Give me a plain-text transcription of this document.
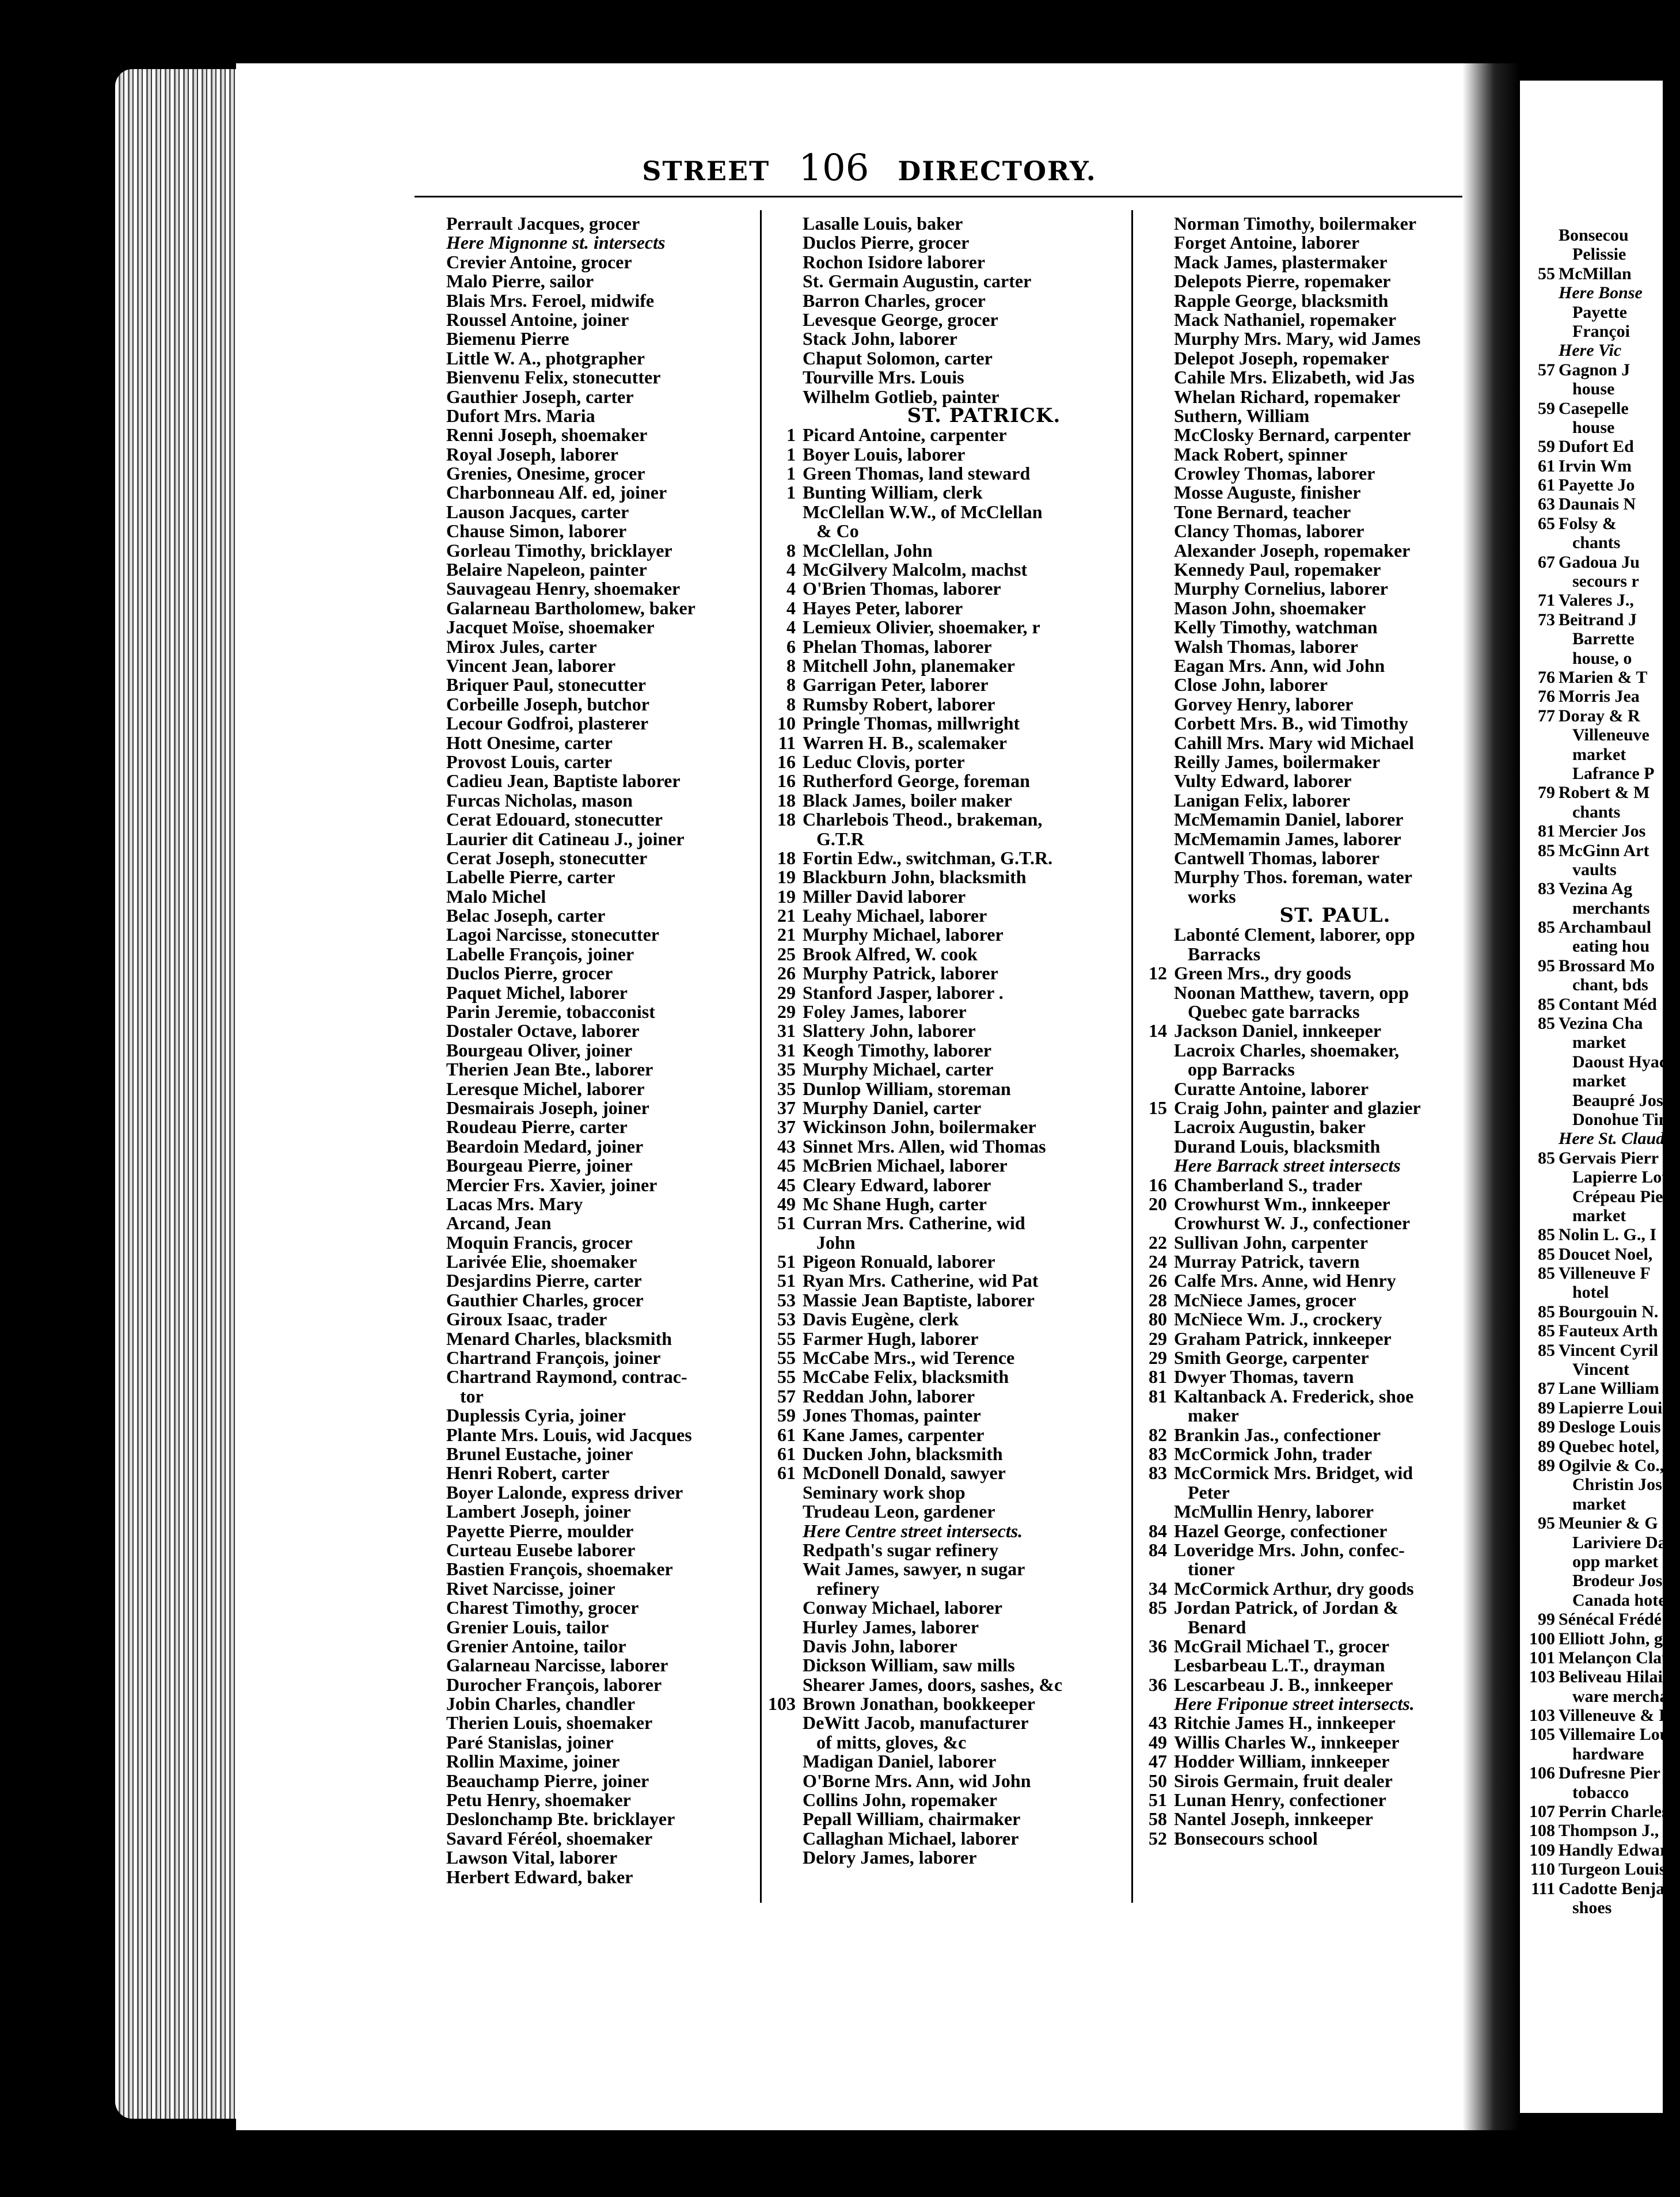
STREET 106 DIRECTORY.
Perrault Jacques, grocer
Here Mignonne st. intersects
Crevier Antoine, grocer
Malo Pierre, sailor
Blais Mrs. Feroel, midwife
Roussel Antoine, joiner
Biemenu Pierre
Little W. A., photgrapher
Bienvenu Felix, stonecutter
Gauthier Joseph, carter
Dufort Mrs. Maria
Renni Joseph, shoemaker
Royal Joseph, laborer
Grenies, Onesime, grocer
Charbonneau Alf. ed, joiner
Lauson Jacques, carter
Chause Simon, laborer
Gorleau Timothy, bricklayer
Belaire Napeleon, painter
Sauvageau Henry, shoemaker
Galarneau Bartholomew, baker
Jacquet Moïse, shoemaker
Mirox Jules, carter
Vincent Jean, laborer
Briquer Paul, stonecutter
Corbeille Joseph, butchor
Lecour Godfroi, plasterer
Hott Onesime, carter
Provost Louis, carter
Cadieu Jean, Baptiste laborer
Furcas Nicholas, mason
Cerat Edouard, stonecutter
Laurier dit Catineau J., joiner
Cerat Joseph, stonecutter
Labelle Pierre, carter
Malo Michel
Belac Joseph, carter
Lagoi Narcisse, stonecutter
Labelle François, joiner
Duclos Pierre, grocer
Paquet Michel, laborer
Parin Jeremie, tobacconist
Dostaler Octave, laborer
Bourgeau Oliver, joiner
Therien Jean Bte., laborer
Leresque Michel, laborer
Desmairais Joseph, joiner
Roudeau Pierre, carter
Beardoin Medard, joiner
Bourgeau Pierre, joiner
Mercier Frs. Xavier, joiner
Lacas Mrs. Mary
Arcand, Jean
Moquin Francis, grocer
Larivée Elie, shoemaker
Desjardins Pierre, carter
Gauthier Charles, grocer
Giroux Isaac, trader
Menard Charles, blacksmith
Chartrand François, joiner
Chartrand Raymond, contrac-
tor
Duplessis Cyria, joiner
Plante Mrs. Louis, wid Jacques
Brunel Eustache, joiner
Henri Robert, carter
Boyer Lalonde, express driver
Lambert Joseph, joiner
Payette Pierre, moulder
Curteau Eusebe laborer
Bastien François, shoemaker
Rivet Narcisse, joiner
Charest Timothy, grocer
Grenier Louis, tailor
Grenier Antoine, tailor
Galarneau Narcisse, laborer
Durocher François, laborer
Jobin Charles, chandler
Therien Louis, shoemaker
Paré Stanislas, joiner
Rollin Maxime, joiner
Beauchamp Pierre, joiner
Petu Henry, shoemaker
Deslonchamp Bte. bricklayer
Savard Féréol, shoemaker
Lawson Vital, laborer
Herbert Edward, baker
Lasalle Louis, baker
Duclos Pierre, grocer
Rochon Isidore laborer
St. Germain Augustin, carter
Barron Charles, grocer
Levesque George, grocer
Stack John, laborer
Chaput Solomon, carter
Tourville Mrs. Louis
Wilhelm Gotlieb, painter
ST. PATRICK.
1 Picard Antoine, carpenter
1 Boyer Louis, laborer
1 Green Thomas, land steward
1 Bunting William, clerk
McClellan W.W., of McClellan
& Co
8 McClellan, John
4 McGilvery Malcolm, machst
4 O'Brien Thomas, laborer
4 Hayes Peter, laborer
4 Lemieux Olivier, shoemaker, r
6 Phelan Thomas, laborer
8 Mitchell John, planemaker
8 Garrigan Peter, laborer
8 Rumsby Robert, laborer
10 Pringle Thomas, millwright
11 Warren H. B., scalemaker
16 Leduc Clovis, porter
16 Rutherford George, foreman
18 Black James, boiler maker
18 Charlebois Theod., brakeman,
G.T.R
18 Fortin Edw., switchman, G.T.R.
19 Blackburn John, blacksmith
19 Miller David laborer
21 Leahy Michael, laborer
21 Murphy Michael, laborer
25 Brook Alfred, W. cook
26 Murphy Patrick, laborer
29 Stanford Jasper, laborer .
29 Foley James, laborer
31 Slattery John, laborer
31 Keogh Timothy, laborer
35 Murphy Michael, carter
35 Dunlop William, storeman
37 Murphy Daniel, carter
37 Wickinson John, boilermaker
43 Sinnet Mrs. Allen, wid Thomas
45 McBrien Michael, laborer
45 Cleary Edward, laborer
49 Mc Shane Hugh, carter
51 Curran Mrs. Catherine, wid
John
51 Pigeon Ronuald, laborer
51 Ryan Mrs. Catherine, wid Pat
53 Massie Jean Baptiste, laborer
53 Davis Eugène, clerk
55 Farmer Hugh, laborer
55 McCabe Mrs., wid Terence
55 McCabe Felix, blacksmith
57 Reddan John, laborer
59 Jones Thomas, painter
61 Kane James, carpenter
61 Ducken John, blacksmith
61 McDonell Donald, sawyer
Seminary work shop
Trudeau Leon, gardener
Here Centre street intersects.
Redpath's sugar refinery
Wait James, sawyer, n sugar
refinery
Conway Michael, laborer
Hurley James, laborer
Davis John, laborer
Dickson William, saw mills
Shearer James, doors, sashes, &c
103 Brown Jonathan, bookkeeper
DeWitt Jacob, manufacturer
of mitts, gloves, &c
Madigan Daniel, laborer
O'Borne Mrs. Ann, wid John
Collins John, ropemaker
Pepall William, chairmaker
Callaghan Michael, laborer
Delory James, laborer
Norman Timothy, boilermaker
Forget Antoine, laborer
Mack James, plastermaker
Delepots Pierre, ropemaker
Rapple George, blacksmith
Mack Nathaniel, ropemaker
Murphy Mrs. Mary, wid James
Delepot Joseph, ropemaker
Cahile Mrs. Elizabeth, wid Jas
Whelan Richard, ropemaker
Suthern, William
McClosky Bernard, carpenter
Mack Robert, spinner
Crowley Thomas, laborer
Mosse Auguste, finisher
Tone Bernard, teacher
Clancy Thomas, laborer
Alexander Joseph, ropemaker
Kennedy Paul, ropemaker
Murphy Cornelius, laborer
Mason John, shoemaker
Kelly Timothy, watchman
Walsh Thomas, laborer
Eagan Mrs. Ann, wid John
Close John, laborer
Gorvey Henry, laborer
Corbett Mrs. B., wid Timothy
Cahill Mrs. Mary wid Michael
Reilly James, boilermaker
Vulty Edward, laborer
Lanigan Felix, laborer
McMemamin Daniel, laborer
McMemamin James, laborer
Cantwell Thomas, laborer
Murphy Thos. foreman, water
works
ST. PAUL.
Labonté Clement, laborer, opp
Barracks
12 Green Mrs., dry goods
Noonan Matthew, tavern, opp
Quebec gate barracks
14 Jackson Daniel, innkeeper
Lacroix Charles, shoemaker,
opp Barracks
Curatte Antoine, laborer
15 Craig John, painter and glazier
Lacroix Augustin, baker
Durand Louis, blacksmith
Here Barrack street intersects
16 Chamberland S., trader
20 Crowhurst Wm., innkeeper
Crowhurst W. J., confectioner
22 Sullivan John, carpenter
24 Murray Patrick, tavern
26 Calfe Mrs. Anne, wid Henry
28 McNiece James, grocer
80 McNiece Wm. J., crockery
29 Graham Patrick, innkeeper
29 Smith George, carpenter
81 Dwyer Thomas, tavern
81 Kaltanback A. Frederick, shoe
maker
82 Brankin Jas., confectioner
83 McCormick John, trader
83 McCormick Mrs. Bridget, wid
Peter
McMullin Henry, laborer
84 Hazel George, confectioner
84 Loveridge Mrs. John, confec-
tioner
34 McCormick Arthur, dry goods
85 Jordan Patrick, of Jordan &
Benard
36 McGrail Michael T., grocer
Lesbarbeau L.T., drayman
36 Lescarbeau J. B., innkeeper
Here Friponue street intersects.
43 Ritchie James H., innkeeper
49 Willis Charles W., innkeeper
47 Hodder William, innkeeper
50 Sirois Germain, fruit dealer
51 Lunan Henry, confectioner
58 Nantel Joseph, innkeeper
52 Bonsecours school
Bonsecou
Pelissie
55 McMillan
Here Bonse
Payette
Françoi
Here Vic
57 Gagnon J
house
59 Casepelle
house
59 Dufort Ed
61 Irvin Wm
61 Payette Jo
63 Daunais N
65 Folsy &
chants
67 Gadoua Ju
secours r
71 Valeres J.,
73 Beitrand J
Barrette
house, o
76 Marien & T
76 Morris Jea
77 Doray & R
Villeneuve
market
Lafrance P
79 Robert & M
chants
81 Mercier Jos
85 McGinn Art
vaults
83 Vezina Ag
merchants
85 Archambaul
eating hou
95 Brossard Mo
chant, bds
85 Contant Méd
85 Vezina Cha
market
Daoust Hyac
market
Beaupré Jose
Donohue Tim
Here St. Claude
85 Gervais Pierr
Lapierre Lou
Crépeau Pier
market
85 Nolin L. G., I
85 Doucet Noel,
85 Villeneuve F
hotel
85 Bourgouin N.
85 Fauteux Arth
85 Vincent Cyril
Vincent
87 Lane William
89 Lapierre Loui
89 Desloge Louis
89 Quebec hotel,
89 Ogilvie & Co.,
Christin Jos.,
market
95 Meunier & G
Lariviere Davi
opp market
Brodeur Jos.,
Canada hote
99 Sénécal Frédé
100 Elliott John, g
101 Melançon Clau
103 Beliveau Hilai
ware mercha
103 Villeneuve & I
105 Villemaire Lou
hardware
106 Dufresne Pier
tobacco
107 Perrin Charles
108 Thompson J., g
109 Handly Edwar
110 Turgeon Louis
111 Cadotte Benja
shoes
